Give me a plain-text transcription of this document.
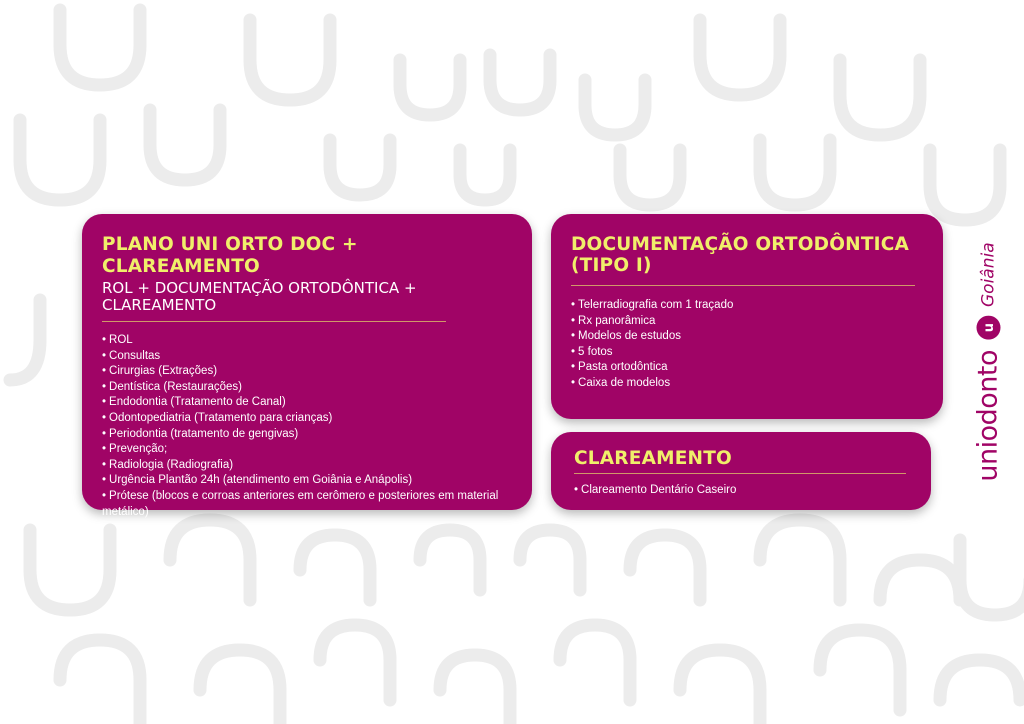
PLANO UNI ORTO DOC + CLAREAMENTO

ROL + DOCUMENTAÇÃO ORTODÔNTICA + CLAREAMENTO

• ROL
• Consultas
• Cirurgias (Extrações)
• Dentística (Restaurações)
• Endodontia (Tratamento de Canal)
• Odontopediatria (Tratamento para crianças)
• Periodontia (tratamento de gengivas)
• Prevenção;
• Radiologia (Radiografia)
• Urgência Plantão 24h (atendimento em Goiânia e Anápolis)
• Prótese (blocos e corroas anteriores em cerômero e posteriores em material metálico)
DOCUMENTAÇÃO ORTODÔNTICA (TIPO I)
• Telerradiografia com 1 traçado
• Rx panorâmica
• Modelos de estudos
• 5 fotos
• Pasta ortodôntica
• Caixa de modelos
CLAREAMENTO
• Clareamento Dentário Caseiro
uniodonto
u
Goiânia
